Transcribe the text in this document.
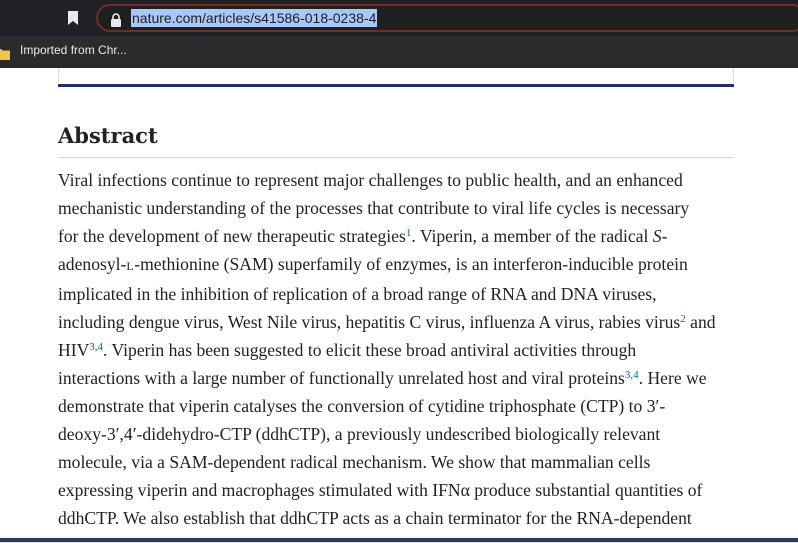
nature.com/articles/s41586-018-0238-4
Imported from Chr...
Abstract

Viral infections continue to represent major challenges to public health, and an enhanced
mechanistic understanding of the processes that contribute to viral life cycles is necessary
for the development of new therapeutic strategies$^1$. Viperin, a member of the radical S-
adenosyl-L-methionine (SAM) superfamily of enzymes, is an interferon-inducible protein
implicated in the inhibition of replication of a broad range of RNA and DNA viruses,
including dengue virus, West Nile virus, hepatitis C virus, influenza A virus, rabies virus$^2$ and
HIV$^{3,4}$. Viperin has been suggested to elicit these broad antiviral activities through
interactions with a large number of functionally unrelated host and viral proteins$^{3,4}$. Here we
demonstrate that viperin catalyses the conversion of cytidine triphosphate (CTP) to 3′-
deoxy-3′,4′-didehydro-CTP (ddhCTP), a previously undescribed biologically relevant
molecule, via a SAM-dependent radical mechanism. We show that mammalian cells
expressing viperin and macrophages stimulated with IFNα produce substantial quantities of
ddhCTP. We also establish that ddhCTP acts as a chain terminator for the RNA-dependent
